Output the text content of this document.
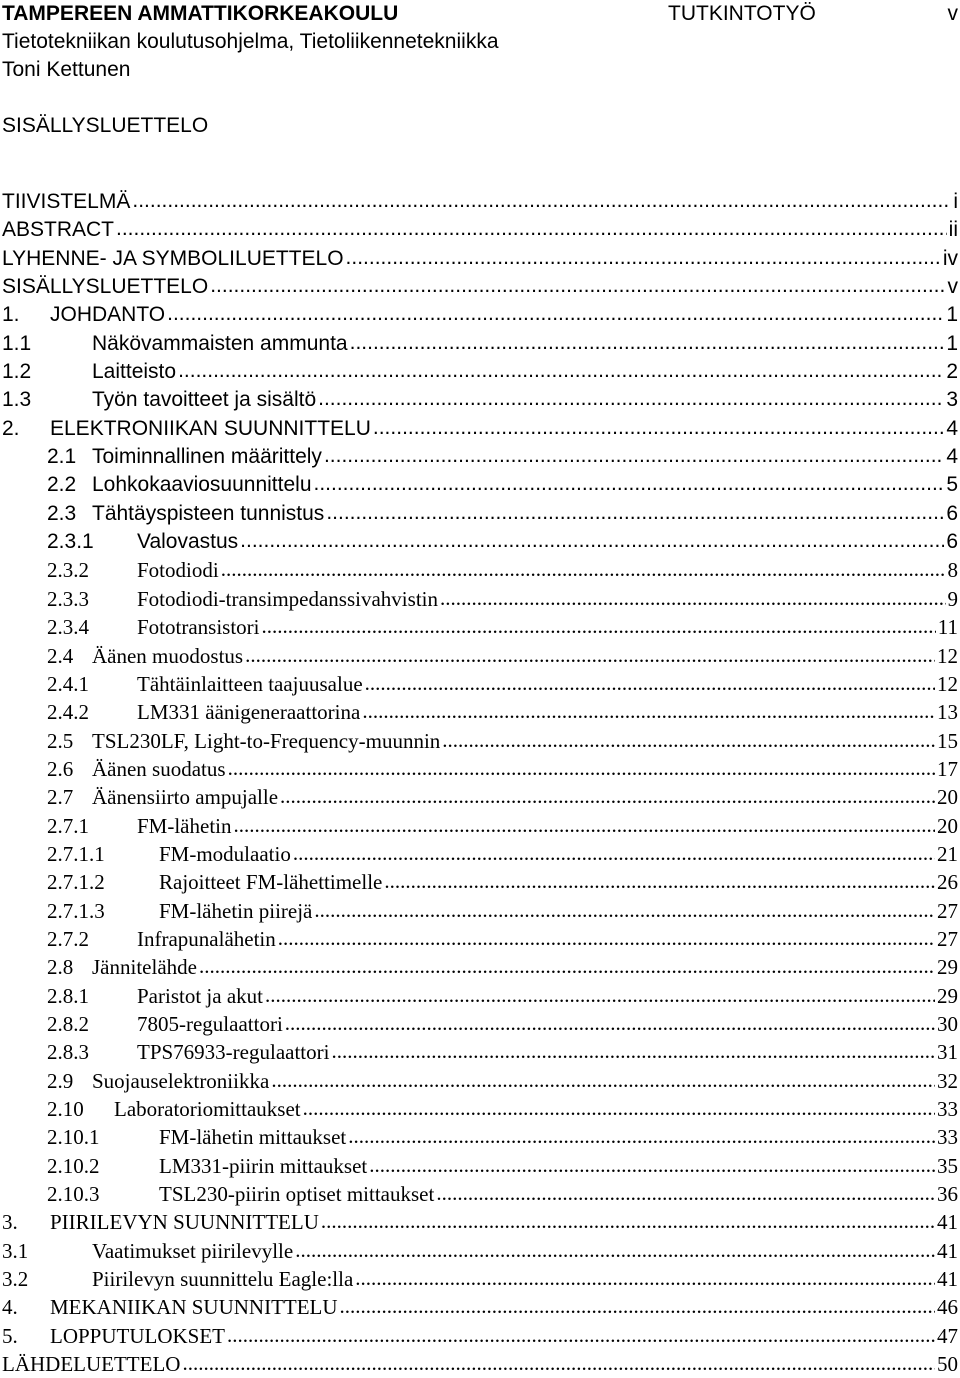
TAMPEREEN AMMATTIKORKEAKOULU	TUTKINTOTYÖ	v
Tietotekniikan koulutusohjelma, Tietoliikennetekniikka
Toni Kettunen
SISÄLLYSLUETTELO
TIIVISTELMÄ .....	i
ABSTRACT .....	ii
LYHENNE- JA SYMBOLILUETTELO .....	iv
SISÄLLYSLUETTELO .....	v
1.	JOHDANTO .....	1
1.1	Näkövammaisten ammunta .....	1
1.2	Laitteisto .....	2
1.3	Työn tavoitteet ja sisältö .....	3
2.	ELEKTRONIIKAN SUUNNITTELU .....	4
2.1 Toiminnallinen määrittely .....	4
2.2 Lohkokaaviosuunnittelu .....	5
2.3 Tähtäyspisteen tunnistus .....	6
2.3.1	Valovastus .....	6
2.3.2	Fotodiodi .....	8
2.3.3	Fotodiodi-transimpedanssivahvistin .....	9
2.3.4	Fototransistori .....	11
2.4 Äänen muodostus .....	12
2.4.1	Tähtäinlaitteen taajuusalue .....	12
2.4.2	LM331 äänigeneraattorina .....	13
2.5 TSL230LF, Light-to-Frequency-muunnin .....	15
2.6 Äänen suodatus .....	17
2.7 Äänensiirto ampujalle .....	20
2.7.1	FM-lähetin .....	20
2.7.1.1	FM-modulaatio .....	21
2.7.1.2	Rajoitteet FM-lähettimelle .....	26
2.7.1.3	FM-lähetin piirejä .....	27
2.7.2	Infrapunalähetin .....	27
2.8 Jännitelähde .....	29
2.8.1	Paristot ja akut .....	29
2.8.2	7805-regulaattori .....	30
2.8.3	TPS76933-regulaattori .....	31
2.9 Suojauselektroniikka .....	32
2.10	Laboratoriomittaukset .....	33
2.10.1	FM-lähetin mittaukset .....	33
2.10.2	LM331-piirin mittaukset .....	35
2.10.3	TSL230-piirin optiset mittaukset .....	36
3.	PIIRILEVYN SUUNNITTELU .....	41
3.1	Vaatimukset piirilevylle .....	41
3.2	Piirilevyn suunnittelu Eagle:lla .....	41
4.	MEKANIIKAN SUUNNITTELU .....	46
5.	LOPPUTULOKSET .....	47
LÄHDELUETTELO .....	50
